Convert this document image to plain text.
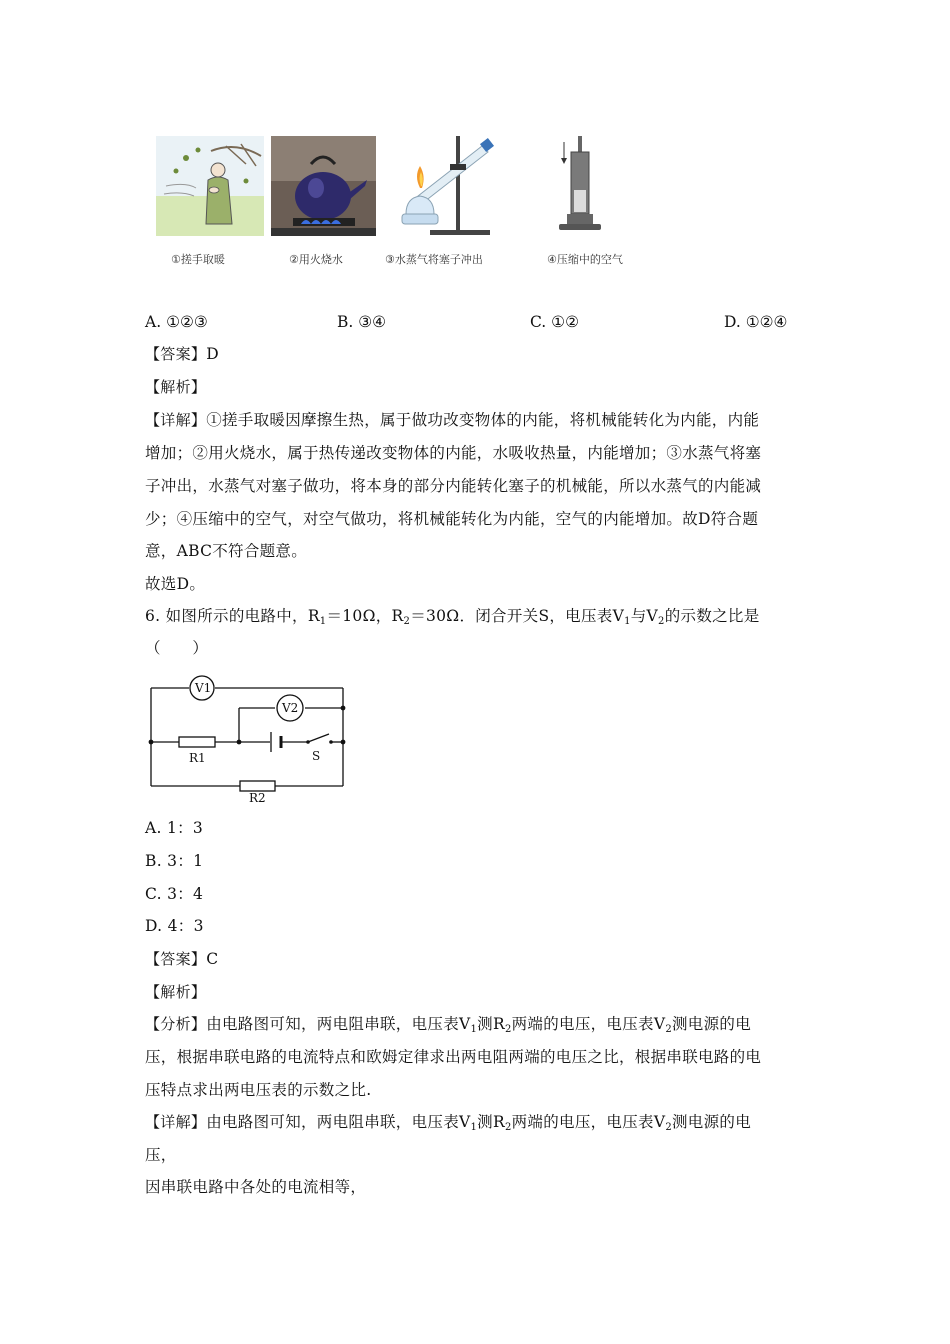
①搓手取暖	②用火烧水	③水蒸气将塞子冲出	④压缩中的空气
A. ①②③	B. ③④	C. ①②	D. ①②④
【答案】D
【解析】
【详解】①搓手取暖因摩擦生热，属于做功改变物体的内能，将机械能转化为内能，内能
增加；②用火烧水，属于热传递改变物体的内能，水吸收热量，内能增加；③水蒸气将塞
子冲出，水蒸气对塞子做功，将本身的部分内能转化塞子的机械能，所以水蒸气的内能减
少；④压缩中的空气，对空气做功，将机械能转化为内能，空气的内能增加。故D符合题
意，ABC不符合题意。
故选D。
6. 如图所示的电路中，$R_1=10\Omega$，$R_2=30\Omega$．闭合开关S，电压表$V_1$与$V_2$的示数之比是
（　　）
V1
V2
R1
R2
S
A. 1：3
B. 3：1
C. 3：4
D. 4：3
【答案】C
【解析】
【分析】由电路图可知，两电阻串联，电压表$V_1$测$R_2$两端的电压，电压表$V_2$测电源的电
压，根据串联电路的电流特点和欧姆定律求出两电阻两端的电压之比，根据串联电路的电
压特点求出两电压表的示数之比.
【详解】由电路图可知，两电阻串联，电压表$V_1$测$R_2$两端的电压，电压表$V_2$测电源的电
压，
因串联电路中各处的电流相等，
